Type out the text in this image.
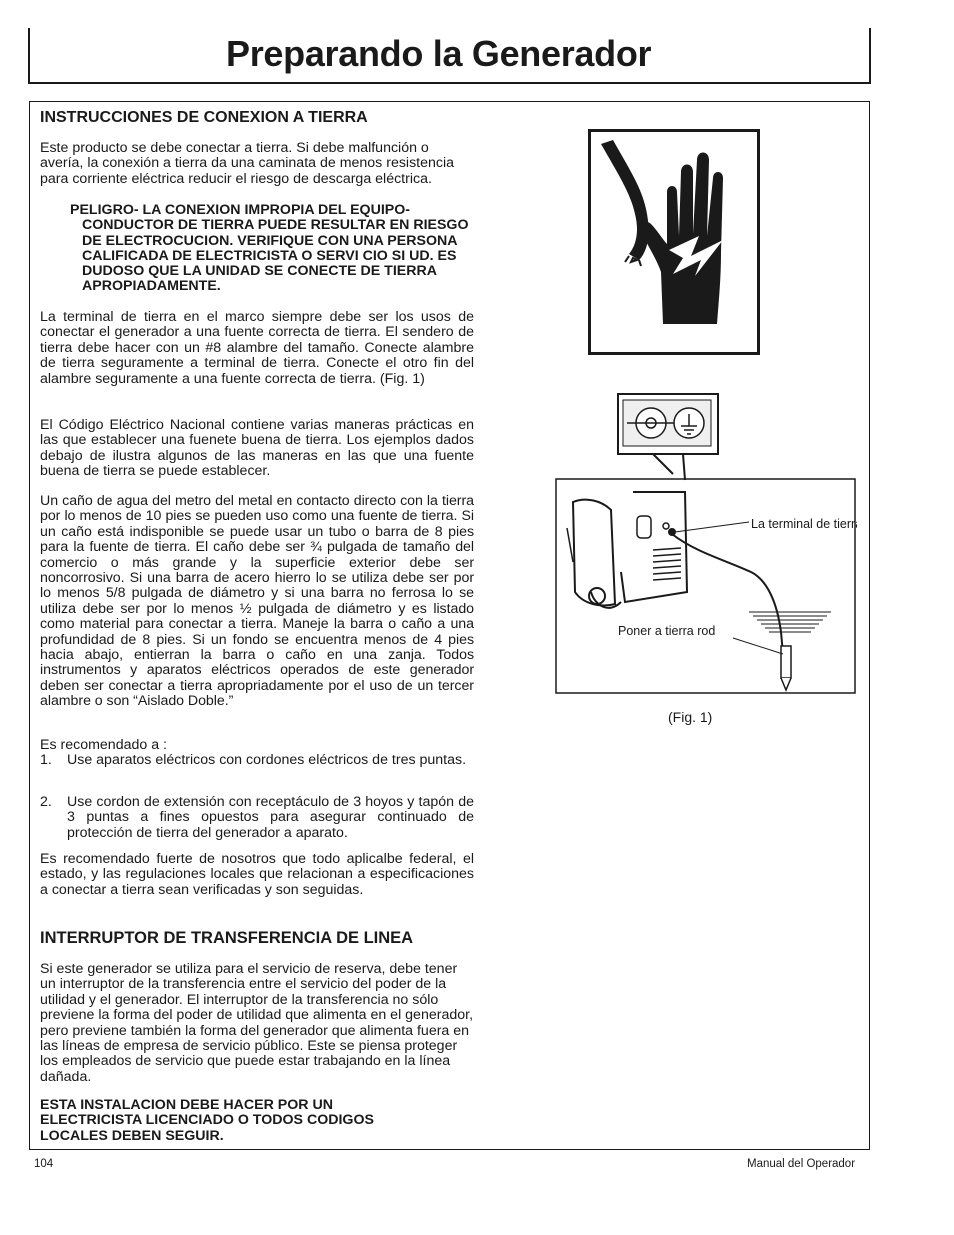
Preparando la Generador
INSTRUCCIONES DE CONEXION A TIERRA

Este producto se debe conectar a tierra. Si debe malfunción o avería, la conexión a tierra da una caminata de menos resistencia para corriente eléctrica reducir el riesgo de descarga eléctrica.

PELIGRO- LA CONEXION IMPROPIA DEL EQUIPO-CONDUCTOR DE TIERRA PUEDE RESULTAR EN RIESGO DE ELECTROCUCION. VERIFIQUE CON UNA PERSONA CALIFICADA DE ELECTRICISTA O SERVI CIO SI UD. ES DUDOSO QUE LA UNIDAD SE CONECTE DE TIERRA APROPIADAMENTE.

La terminal de tierra en el marco siempre debe ser los usos de conectar el generador a una fuente correcta de tierra. El sendero de tierra debe hacer con un #8 alambre del tamaño. Conecte alambre de tierra seguramente a terminal de tierra. Conecte el otro fin del alambre seguramente a una fuente correcta de tierra. (Fig. 1)

El Código Eléctrico Nacional contiene varias maneras prácticas en las que establecer una fuenete buena de tierra. Los ejemplos dados debajo de ilustra algunos de las maneras en las que una fuente buena de tierra se puede establecer.

Un caño de agua del metro del metal en contacto directo con la tierra por lo menos de 10 pies se pueden uso como una fuente de tierra. Si un caño está indisponible se puede usar un tubo o barra de 8 pies para la fuente de tierra. El caño debe ser ¾ pulgada de tamaño del comercio o más grande y la superficie exterior debe ser noncorrosivo. Si una barra de acero hierro lo se utiliza debe ser por lo menos 5/8 pulgada de diámetro y si una barra no ferrosa lo se utiliza debe ser por lo menos ½ pulgada de diámetro y es listado como material para conectar a tierra. Maneje la barra o caño a una profundidad de 8 pies. Si un fondo se encuentra menos de 4 pies hacia abajo, entierran la barra o caño en una zanja. Todos instrumentos y aparatos eléctricos operados de este generador deben ser conectar a tierra apropriadamente por el uso de un tercer alambre o son “Aislado Doble.”

Es recomendado a :

1.	Use aparatos eléctricos con cordones eléctricos de tres puntas.
2.	Use cordon de extensión con receptáculo de 3 hoyos y tapón de 3 puntas a fines opuestos para asegurar continuado de protección de tierra del generador a aparato.

Es recomendado fuerte de nosotros que todo aplicalbe federal, el estado, y las regulaciones locales que relacionan a especificaciones a conectar a tierra sean verificadas y son seguidas.

INTERRUPTOR DE TRANSFERENCIA DE LINEA

Si este generador se utiliza para el servicio de reserva, debe tener un interruptor de la transferencia entre el servicio del poder de la utilidad y el generador. El interruptor de la transferencia no sólo previene la forma del poder de utilidad que alimenta en el generador, pero previene también la forma del generador que alimenta fuera en las líneas de empresa de servicio público. Este se piensa proteger los empleados de servicio que puede estar trabajando en la línea dañada.

ESTA INSTALACION DEBE HACER POR UN ELECTRICISTA LICENCIADO O TODOS CODIGOS LOCALES DEBEN SEGUIR.

La terminal de tierra
Poner a tierra rod
(Fig. 1)
104	Manual del Operador
